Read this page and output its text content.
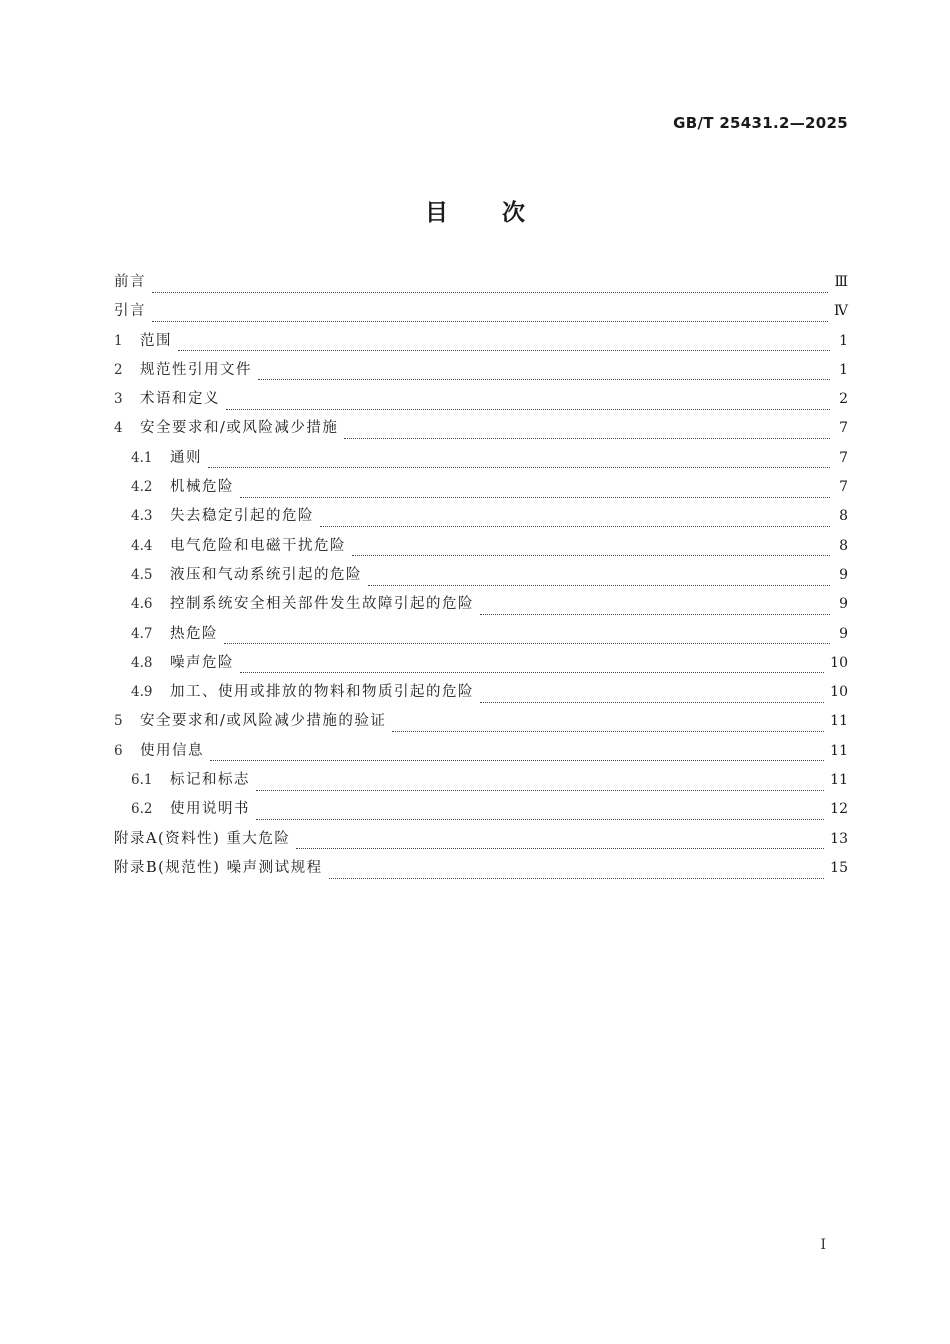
GB/T 25431.2—2025
目次
前言	Ⅲ
引言	Ⅳ
1	范围	1
2	规范性引用文件	1
3	术语和定义	2
4	安全要求和/或风险减少措施	7
4.1	通则	7
4.2	机械危险	7
4.3	失去稳定引起的危险	8
4.4	电气危险和电磁干扰危险	8
4.5	液压和气动系统引起的危险	9
4.6	控制系统安全相关部件发生故障引起的危险	9
4.7	热危险	9
4.8	噪声危险	10
4.9	加工、使用或排放的物料和物质引起的危险	10
5	安全要求和/或风险减少措施的验证	11
6	使用信息	11
6.1	标记和标志	11
6.2	使用说明书	12
附录A(资料性) 重大危险	13
附录B(规范性) 噪声测试规程	15
I
